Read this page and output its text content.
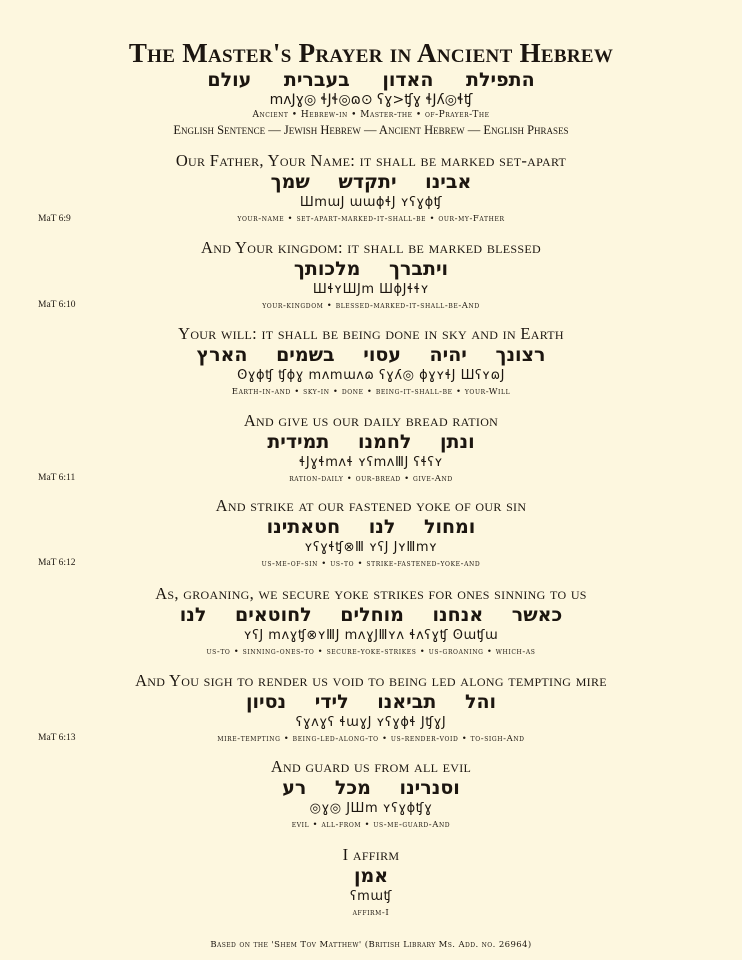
The Master's Prayer in Ancient Hebrew
התפילת האדון בעברית עולם
mʌJɣ◎ ɬJɬ◎ɷ⊙ ʕɣ>ʧɣ ɬJʎ◎ɬʧ
Ancient • Hebrew-in • Master-the • of-Prayer-The
English Sentence — Jewish Hebrew — Ancient Hebrew — English Phrases
Our Father, Your Name: it shall be marked set-apart
אבינו יתקדש שמך
ШmɯJ ɯɯɸɬJ ʏʕɣɸʧ
your-name • set-apart-marked-it-shall-be • our-my-Father
MaT 6:9
And Your kingdom: it shall be marked blessed
ויתברך מלכותך
ШɬʏШJm ШɸJɬɬʏ
your-kingdom • blessed-marked-it-shall-be-And
MaT 6:10
Your will: it shall be being done in sky and in Earth
רצונך יהיה עסוי בשמים הארץ
ʘɣɸʧ ʧɸɣ mʌmɯʌɷ ʕɣʎ◎ ɸɣʏɬJ ШʕʏɷJ
Earth-in-and • sky-in • done • being-it-shall-be • your-Will
And give us our daily bread ration
ונתן לחמנו תמידית
ɬJɣɬmʌɬ ʏʕmʌⅢJ ʕɬʕʏ
ration-daily • our-bread • give-And
MaT 6:11
And strike at our fastened yoke of our sin
ומחול לנו חטאתינו
ʏʕɣɬʧ⊗Ⅲ ʏʕJ JʏⅢmʏ
us-me-of-sin • us-to • strike-fastened-yoke-and
MaT 6:12
As, groaning, we secure yoke strikes for ones sinning to us
כאשר אנחנו מוחלים לחוטאים לנו
ʏʕJ mʌɣʧ⊗ʏⅢJ mʌɣJⅢʏʌ ɬʌʕɣʧ ʘɯʧɯ
us-to • sinning-ones-to • secure-yoke-strikes • us-groaning • which-as
And You sigh to render us void to being led along tempting mire
והל תביאנו לידי נסיון
ʕɣʌɣʕ ɬɯɣJ ʏʕɣɸɬ JʧɣJ
mire-tempting • being-led-along-to • us-render-void • to-sigh-And
MaT 6:13
And guard us from all evil
וסנרינו מכל רע
◎ɣ◎ JШm ʏʕɣɸʧɣ
evil • all-from • us-me-guard-And
I affirm
אמן
ʕmɯʧ
affirm-I
Based on the 'Shem Tov Matthew' (British Library Ms. Add. no. 26964)
